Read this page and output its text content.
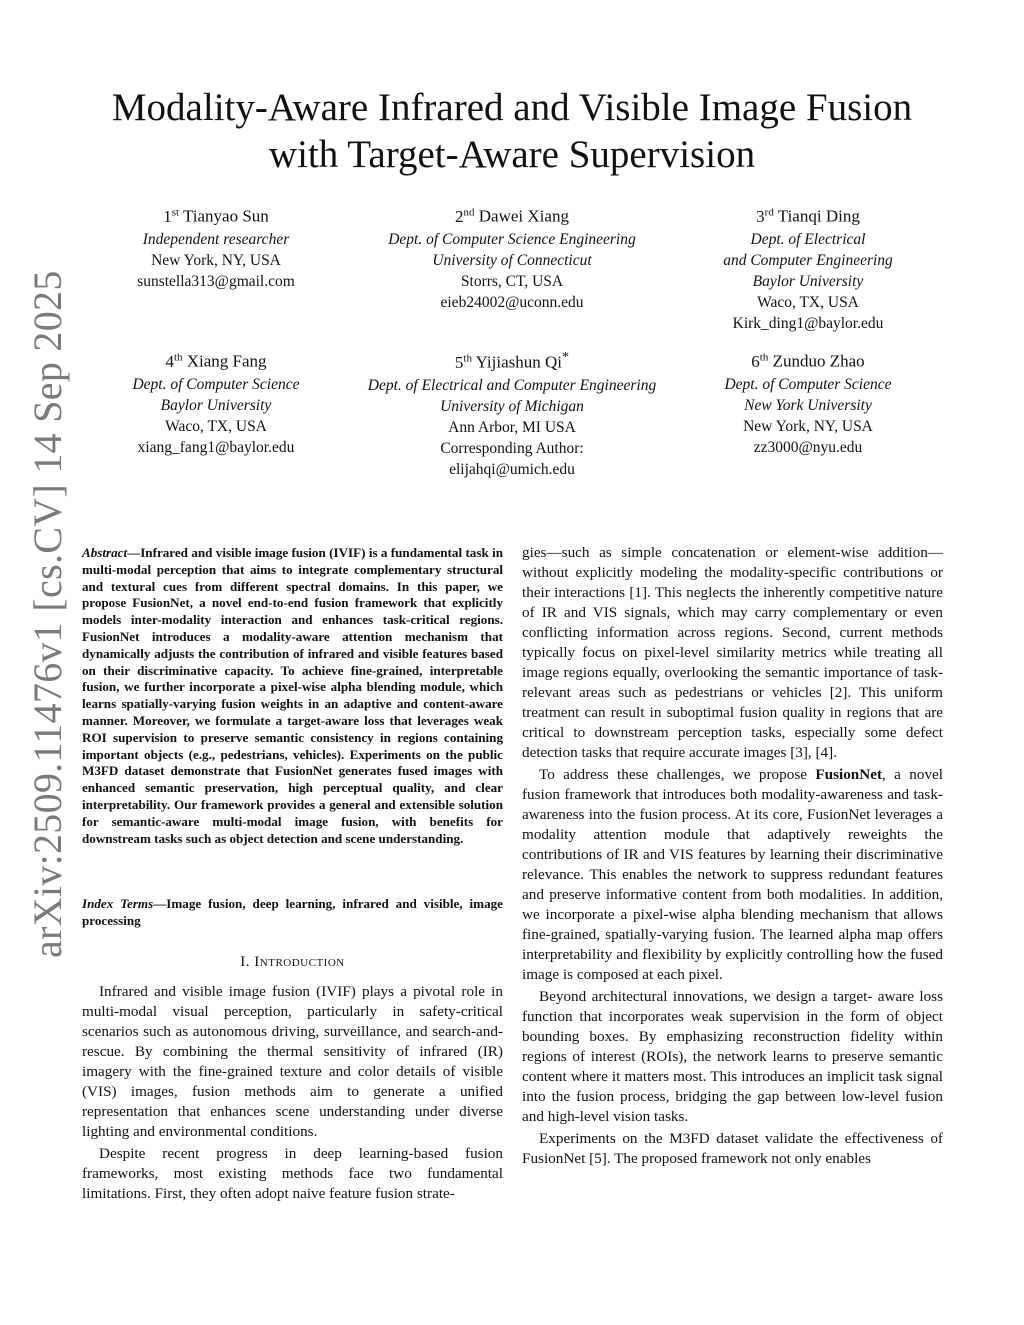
arXiv:2509.11476v1 [cs.CV] 14 Sep 2025
Modality-Aware Infrared and Visible Image Fusion
with Target-Aware Supervision
1st Tianyao Sun
Independent researcher
New York, NY, USA
sunstella313@gmail.com
2nd Dawei Xiang
Dept. of Computer Science Engineering
University of Connecticut
Storrs, CT, USA
eieb24002@uconn.edu
3rd Tianqi Ding
Dept. of Electrical
and Computer Engineering
Baylor University
Waco, TX, USA
Kirk_ding1@baylor.edu
4th Xiang Fang
Dept. of Computer Science
Baylor University
Waco, TX, USA
xiang_fang1@baylor.edu
5th Yijiashun Qi*
Dept. of Electrical and Computer Engineering
University of Michigan
Ann Arbor, MI USA
Corresponding Author:
elijahqi@umich.edu
6th Zunduo Zhao
Dept. of Computer Science
New York University
New York, NY, USA
zz3000@nyu.edu

Abstract—Infrared and visible image fusion (IVIF) is a fundamental task in multi-modal perception that aims to integrate complementary structural and textural cues from different spectral domains. In this paper, we propose FusionNet, a novel end-to-end fusion framework that explicitly models inter-modality interaction and enhances task-critical regions. FusionNet introduces a modality-aware attention mechanism that dynamically adjusts the contribution of infrared and visible features based on their discriminative capacity. To achieve fine-grained, interpretable fusion, we further incorporate a pixel-wise alpha blending module, which learns spatially-varying fusion weights in an adaptive and content-aware manner. Moreover, we formulate a target-aware loss that leverages weak ROI supervision to preserve semantic consistency in regions containing important objects (e.g., pedestrians, vehicles). Experiments on the public M3FD dataset demonstrate that FusionNet generates fused images with enhanced semantic preservation, high perceptual quality, and clear interpretability. Our framework provides a general and extensible solution for semantic-aware multi-modal image fusion, with benefits for downstream tasks such as object detection and scene understanding.

Index Terms—Image fusion, deep learning, infrared and visible, image processing

I. Introduction

Infrared and visible image fusion (IVIF) plays a pivotal role in multi-modal visual perception, particularly in safety-critical scenarios such as autonomous driving, surveillance, and search-and-rescue. By combining the thermal sensitivity of infrared (IR) imagery with the fine-grained texture and color details of visible (VIS) images, fusion methods aim to generate a unified representation that enhances scene understanding under diverse lighting and environmental conditions.

Despite recent progress in deep learning-based fusion frameworks, most existing methods face two fundamental limitations. First, they often adopt naive feature fusion strate-

gies—such as simple concatenation or element-wise addition—without explicitly modeling the modality-specific contributions or their interactions [1]. This neglects the inherently competitive nature of IR and VIS signals, which may carry complementary or even conflicting information across regions. Second, current methods typically focus on pixel-level similarity metrics while treating all image regions equally, overlooking the semantic importance of task-relevant areas such as pedestrians or vehicles [2]. This uniform treatment can result in suboptimal fusion quality in regions that are critical to downstream perception tasks, especially some defect detection tasks that require accurate images [3], [4].

To address these challenges, we propose FusionNet, a novel fusion framework that introduces both modality-awareness and task-awareness into the fusion process. At its core, FusionNet leverages a modality attention module that adaptively reweights the contributions of IR and VIS features by learning their discriminative relevance. This enables the network to suppress redundant features and preserve informative content from both modalities. In addition, we incorporate a pixel-wise alpha blending mechanism that allows fine-grained, spatially-varying fusion. The learned alpha map offers interpretability and flexibility by explicitly controlling how the fused image is composed at each pixel.

Beyond architectural innovations, we design a target- aware loss function that incorporates weak supervision in the form of object bounding boxes. By emphasizing reconstruction fidelity within regions of interest (ROIs), the network learns to preserve semantic content where it matters most. This introduces an implicit task signal into the fusion process, bridging the gap between low-level fusion and high-level vision tasks.

Experiments on the M3FD dataset validate the effectiveness of FusionNet [5]. The proposed framework not only enables
